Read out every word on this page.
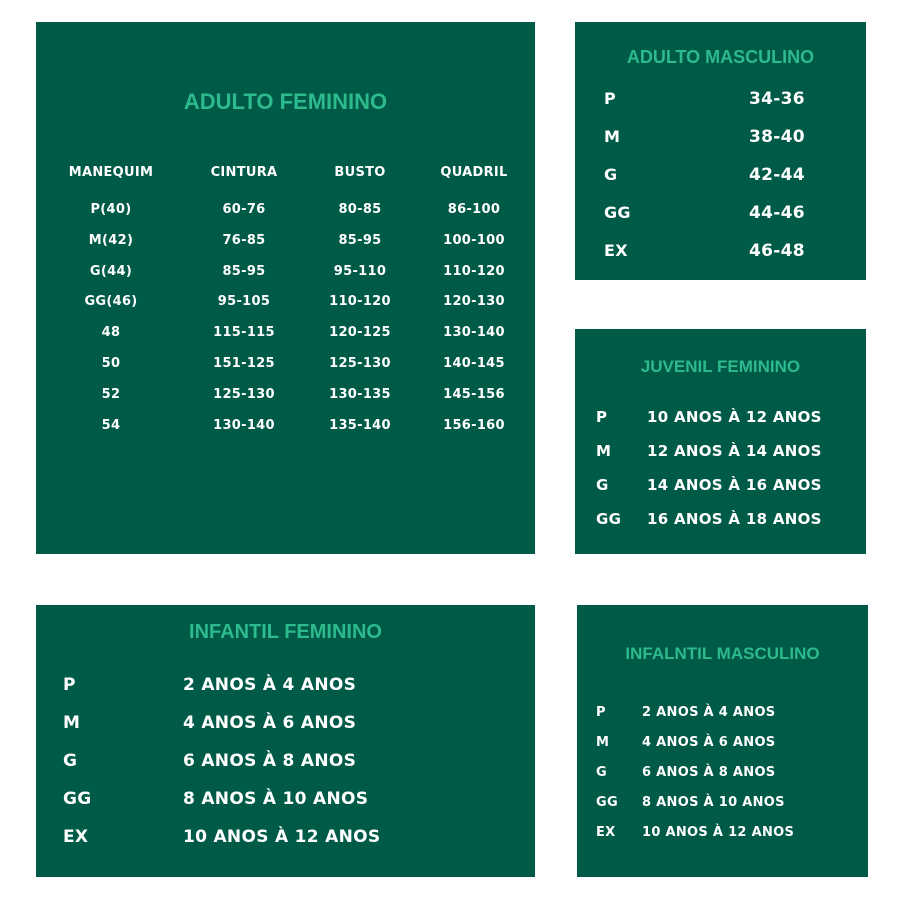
ADULTO FEMININO
MANEQUIM	CINTURA	BUSTO	QUADRIL
P(40)	60-76	80-85	86-100
M(42)	76-85	85-95	100-100
G(44)	85-95	95-110	110-120
GG(46)	95-105	110-120	120-130
48	115-115	120-125	130-140
50	151-125	125-130	140-145
52	125-130	130-135	145-156
54	130-140	135-140	156-160
ADULTO MASCULINO
P	34-36
M	38-40
G	42-44
GG	44-46
EX	46-48
JUVENIL FEMININO
P	10 ANOS À 12 ANOS
M 12 ANOS À 14 ANOS
G	14 ANOS À 16 ANOS
GG 16 ANOS À 18 ANOS
INFANTIL FEMININO
P	2 ANOS À 4 ANOS
M	4 ANOS À 6 ANOS
G	6 ANOS À 8 ANOS
GG	8 ANOS À 10 ANOS
EX	10 ANOS À 12 ANOS
INFALNTIL MASCULINO
P	2 ANOS À 4 ANOS
M	4 ANOS À 6 ANOS
G	6 ANOS À 8 ANOS
GG 8 ANOS À 10 ANOS
EX 10 ANOS À 12 ANOS
